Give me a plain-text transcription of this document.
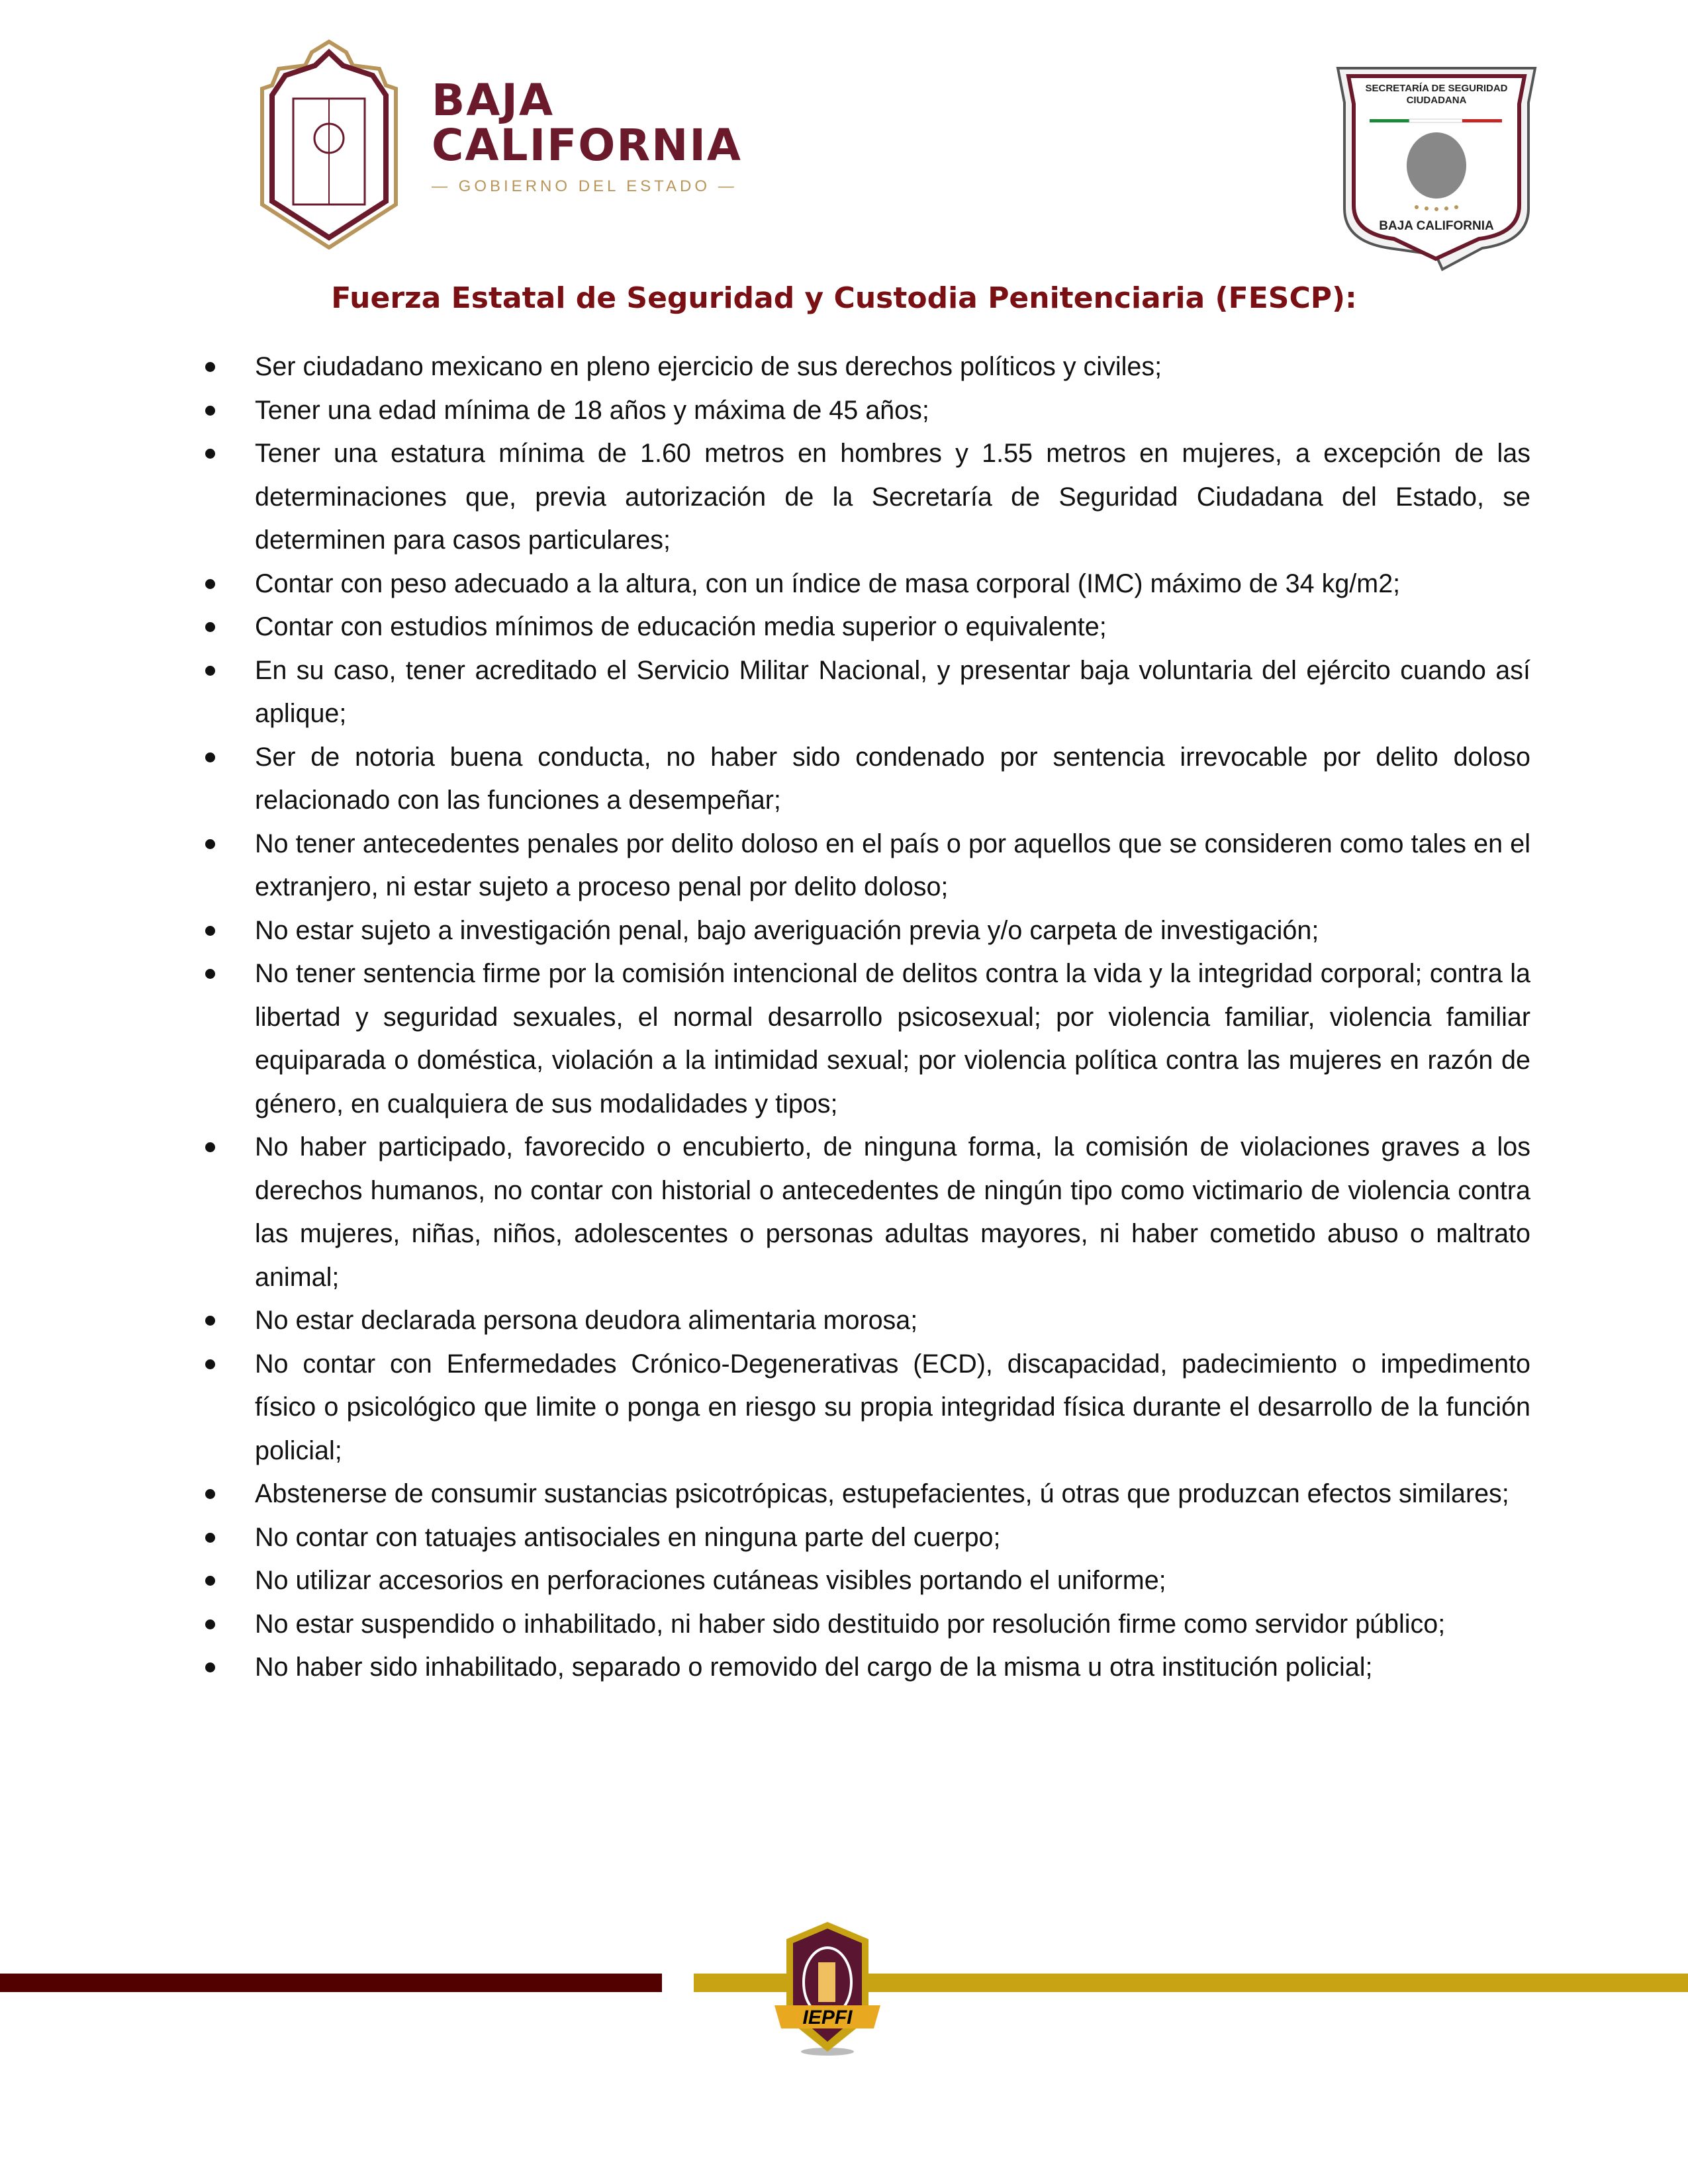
BAJA
CALIFORNIA
— GOBIERNO DEL ESTADO —
SECRETARÍA DE SEGURIDAD CIUDADANA
BAJA CALIFORNIA
Fuerza Estatal de Seguridad y Custodia Penitenciaria (FESCP):
Ser ciudadano mexicano en pleno ejercicio de sus derechos políticos y civiles;
Tener una edad mínima de 18 años y máxima de 45 años;
Tener una estatura mínima de 1.60 metros en hombres y 1.55 metros en mujeres, a excepción de las determinaciones que, previa autorización de la Secretaría de Seguridad Ciudadana del Estado, se determinen para casos particulares;
Contar con peso adecuado a la altura, con un índice de masa corporal (IMC) máximo de 34 kg/m2;
Contar con estudios mínimos de educación media superior o equivalente;
En su caso, tener acreditado el Servicio Militar Nacional, y presentar baja voluntaria del ejército cuando así aplique;
Ser de notoria buena conducta, no haber sido condenado por sentencia irrevocable por delito doloso relacionado con las funciones a desempeñar;
No tener antecedentes penales por delito doloso en el país o por aquellos que se consideren como tales en el extranjero, ni estar sujeto a proceso penal por delito doloso;
No estar sujeto a investigación penal, bajo averiguación previa y/o carpeta de investigación;
No tener sentencia firme por la comisión intencional de delitos contra la vida y la integridad corporal; contra la libertad y seguridad sexuales, el normal desarrollo psicosexual; por violencia familiar, violencia familiar equiparada o doméstica, violación a la intimidad sexual; por violencia política contra las mujeres en razón de género, en cualquiera de sus modalidades y tipos;
No haber participado, favorecido o encubierto, de ninguna forma, la comisión de violaciones graves a los derechos humanos, no contar con historial o antecedentes de ningún tipo como victimario de violencia contra las mujeres, niñas, niños, adolescentes o personas adultas mayores, ni haber cometido abuso o maltrato animal;
No estar declarada persona deudora alimentaria morosa;
No contar con Enfermedades Crónico-Degenerativas (ECD), discapacidad, padecimiento o impedimento físico o psicológico que limite o ponga en riesgo su propia integridad física durante el desarrollo de la función policial;
Abstenerse de consumir sustancias psicotrópicas, estupefacientes, ú otras que produzcan efectos similares;
No contar con tatuajes antisociales en ninguna parte del cuerpo;
No utilizar accesorios en perforaciones cutáneas visibles portando el uniforme;
No estar suspendido o inhabilitado, ni haber sido destituido por resolución firme como servidor público;
No haber sido inhabilitado, separado o removido del cargo de la misma u otra institución policial;
IEPFI
